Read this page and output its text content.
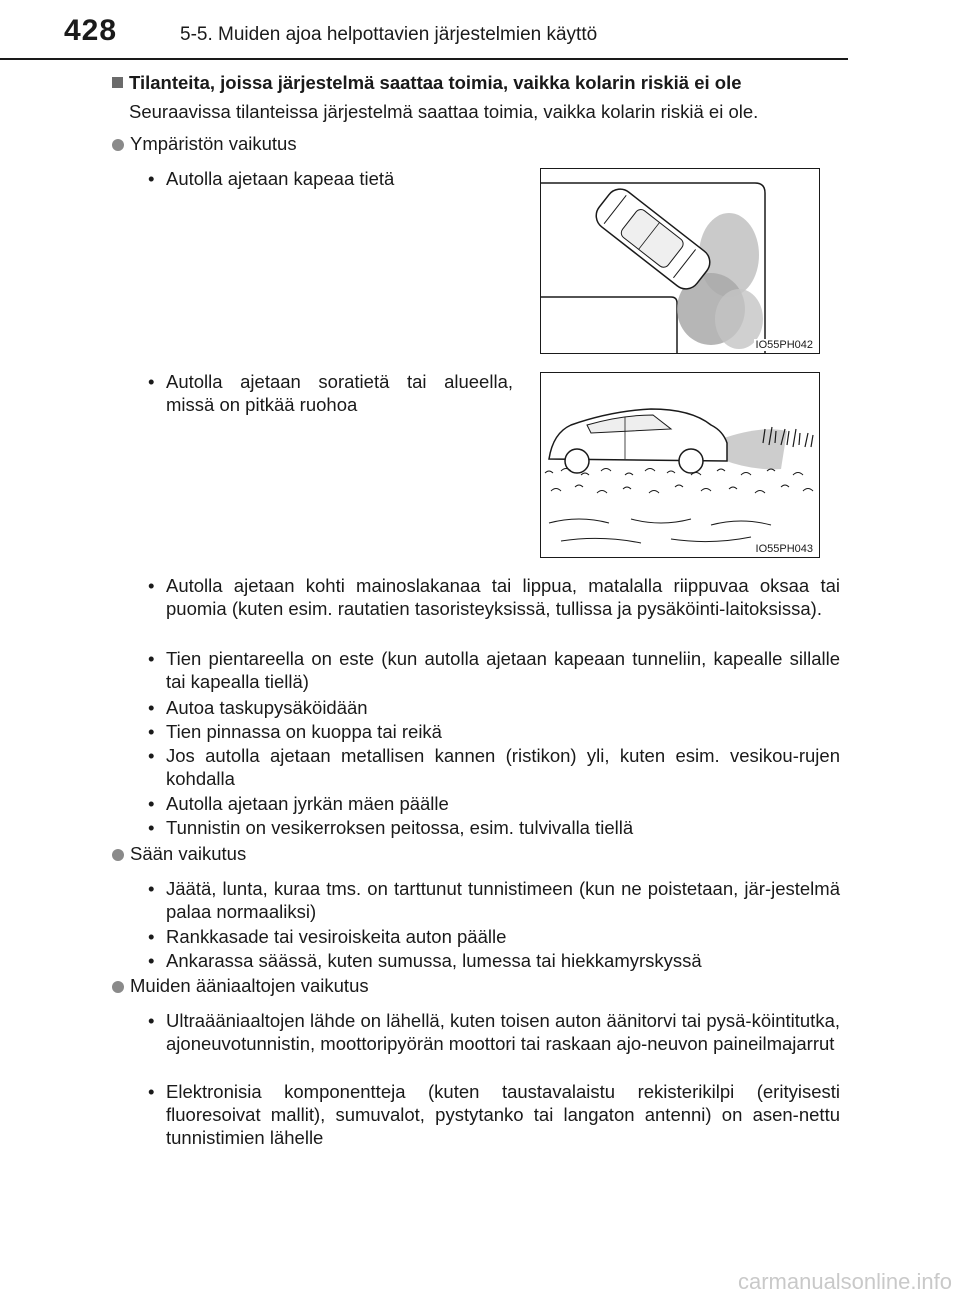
428	5-5. Muiden ajoa helpottavien järjestelmien käyttö
Tilanteita, joissa järjestelmä saattaa toimia, vaikka kolarin riskiä ei ole
Seuraavissa tilanteissa järjestelmä saattaa toimia, vaikka kolarin riskiä ei ole.
Ympäristön vaikutus
• Autolla ajetaan kapeaa tietä
IO55PH042
• Autolla ajetaan soratietä tai alueella, missä on pitkää ruohoa
IO55PH043
• Autolla ajetaan kohti mainoslakanaa tai lippua, matalalla riippuvaa oksaa tai puomia (kuten esim. rautatien tasoristeyksissä, tullissa ja pysäköinti-laitoksissa).
• Tien pientareella on este (kun autolla ajetaan kapeaan tunneliin, kapealle sillalle tai kapealla tiellä)
• Autoa taskupysäköidään
• Tien pinnassa on kuoppa tai reikä
• Jos autolla ajetaan metallisen kannen (ristikon) yli, kuten esim. vesikou-rujen kohdalla
• Autolla ajetaan jyrkän mäen päälle
• Tunnistin on vesikerroksen peitossa, esim. tulvivalla tiellä
Sään vaikutus
• Jäätä, lunta, kuraa tms. on tarttunut tunnistimeen (kun ne poistetaan, jär-jestelmä palaa normaaliksi)
• Rankkasade tai vesiroiskeita auton päälle
• Ankarassa säässä, kuten sumussa, lumessa tai hiekkamyrskyssä
Muiden ääniaaltojen vaikutus
• Ultraääniaaltojen lähde on lähellä, kuten toisen auton äänitorvi tai pysä-köintitutka, ajoneuvotunnistin, moottoripyörän moottori tai raskaan ajo-neuvon paineilmajarrut
• Elektronisia komponentteja (kuten taustavalaistu rekisterikilpi (erityisesti fluoresoivat mallit), sumuvalot, pystytanko tai langaton antenni) on asen-nettu tunnistimien lähelle
carmanualsonline.info
